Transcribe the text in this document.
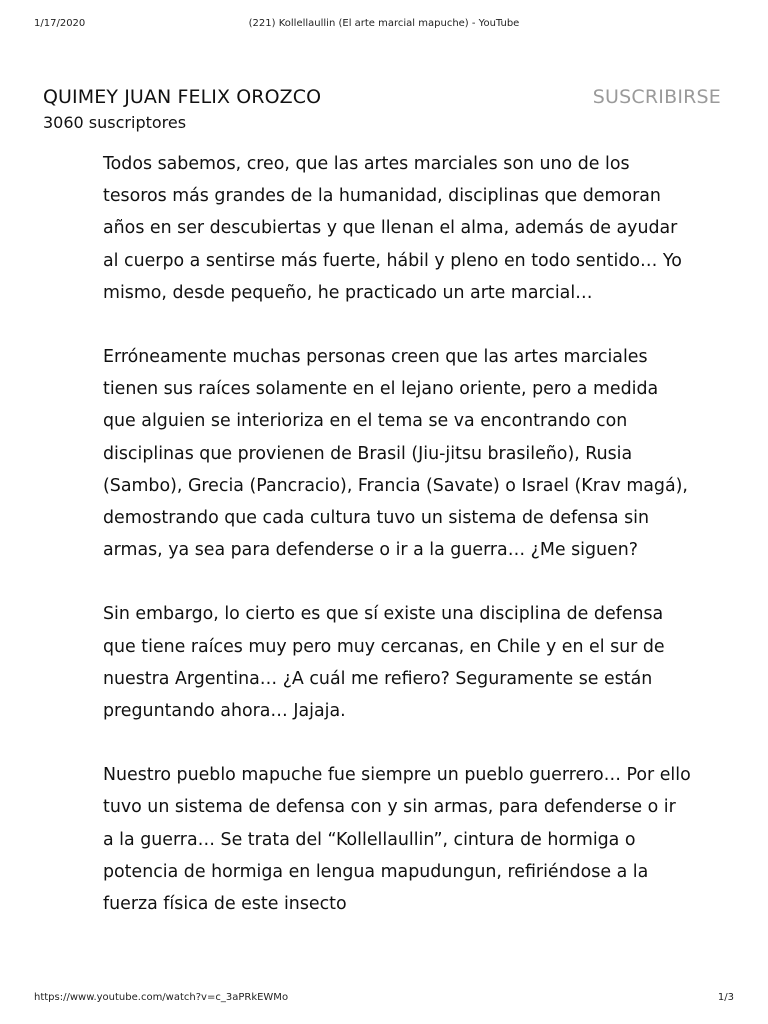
1/17/2020	(221) Kollellaullin (El arte marcial mapuche) - YouTube
QUIMEY JUAN FELIX OROZCO
3060 suscriptores
SUSCRIBIRSE

Todos sabemos, creo, que las artes marciales son uno de los tesoros más grandes de la humanidad, disciplinas que demoran años en ser descubiertas y que llenan el alma, además de ayudar al cuerpo a sentirse más fuerte, hábil y pleno en todo sentido… Yo mismo, desde pequeño, he practicado un arte marcial…

Erróneamente muchas personas creen que las artes marciales tienen sus raíces solamente en el lejano oriente, pero a medida que alguien se interioriza en el tema se va encontrando con disciplinas que provienen de Brasil (Jiu-jitsu brasileño), Rusia (Sambo), Grecia (Pancracio), Francia (Savate) o Israel (Krav magá), demostrando que cada cultura tuvo un sistema de defensa sin armas, ya sea para defenderse o ir a la guerra… ¿Me siguen?

Sin embargo, lo cierto es que sí existe una disciplina de defensa que tiene raíces muy pero muy cercanas, en Chile y en el sur de nuestra Argentina… ¿A cuál me refiero? Seguramente se están preguntando ahora… Jajaja.

Nuestro pueblo mapuche fue siempre un pueblo guerrero… Por ello tuvo un sistema de defensa con y sin armas, para defenderse o ir a la guerra… Se trata del “Kollellaullin”, cintura de hormiga o potencia de hormiga en lengua mapudungun, refiriéndose a la fuerza física de este insecto

https://www.youtube.com/watch?v=c_3aPRkEWMo	1/3
